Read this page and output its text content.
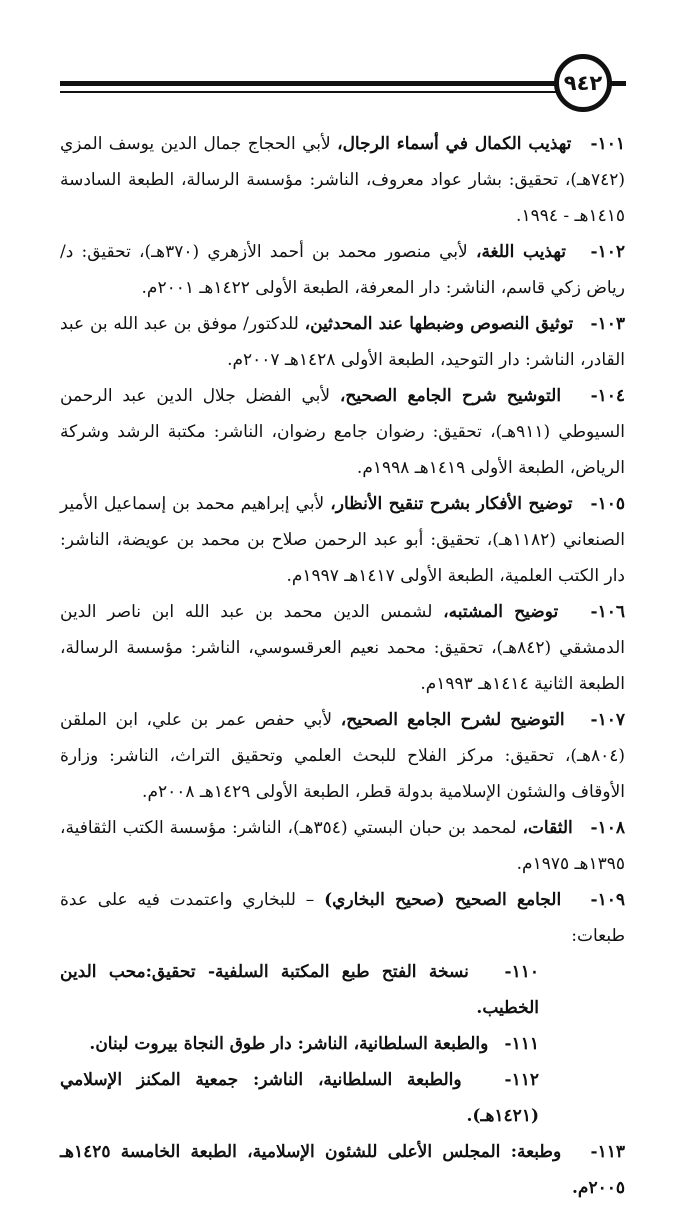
٩٤٢

١٠١-   تهذيب الكمال في أسماء الرجال، لأبي الحجاج جمال الدين يوسف المزي (٧٤٢هـ)، تحقيق: بشار عواد معروف، الناشر: مؤسسة الرسالة، الطبعة السادسة ١٤١٥هـ - ١٩٩٤.

١٠٢-   تهذيب اللغة، لأبي منصور محمد بن أحمد الأزهري (٣٧٠هـ)، تحقيق: د/رياض زكي قاسم، الناشر: دار المعرفة، الطبعة الأولى ١٤٢٢هـ ٢٠٠١م.

١٠٣-   توثيق النصوص وضبطها عند المحدثين، للدكتور/ موفق بن عبد الله بن عبد القادر، الناشر: دار التوحيد، الطبعة الأولى ١٤٢٨هـ ٢٠٠٧م.

١٠٤-   التوشيح شرح الجامع الصحيح، لأبي الفضل جلال الدين عبد الرحمن السيوطي (٩١١هـ)، تحقيق: رضوان جامع رضوان، الناشر: مكتبة الرشد وشركة الرياض، الطبعة الأولى ١٤١٩هـ ١٩٩٨م.

١٠٥-   توضيح الأفكار بشرح تنقيح الأنظار، لأبي إبراهيم محمد بن إسماعيل الأمير الصنعاني (١١٨٢هـ)، تحقيق: أبو عبد الرحمن صلاح بن محمد بن عويضة، الناشر: دار الكتب العلمية، الطبعة الأولى ١٤١٧هـ ١٩٩٧م.

١٠٦-   توضيح المشتبه، لشمس الدين محمد بن عبد الله ابن ناصر الدين الدمشقي (٨٤٢هـ)، تحقيق: محمد نعيم العرقسوسي، الناشر: مؤسسة الرسالة، الطبعة الثانية ١٤١٤هـ ١٩٩٣م.

١٠٧-   التوضيح لشرح الجامع الصحيح، لأبي حفص عمر بن علي، ابن الملقن (٨٠٤هـ)، تحقيق: مركز الفلاح للبحث العلمي وتحقيق التراث، الناشر: وزارة الأوقاف والشئون الإسلامية بدولة قطر، الطبعة الأولى ١٤٢٩هـ ٢٠٠٨م.

١٠٨-   الثقات، لمحمد بن حبان البستي (٣٥٤هـ)، الناشر: مؤسسة الكتب الثقافية، ١٣٩٥هـ ١٩٧٥م.

١٠٩-   الجامع الصحيح (صحيح البخاري) – للبخاري واعتمدت فيه على عدة طبعات:

١١٠-   نسخة الفتح طبع المكتبة السلفية- تحقيق:محب الدين الخطيب.

١١١-   والطبعة السلطانية، الناشر: دار طوق النجاة بيروت لبنان.

١١٢-   والطبعة السلطانية، الناشر: جمعية المكنز الإسلامي (١٤٢١هـ).

١١٣-   وطبعة: المجلس الأعلى للشئون الإسلامية، الطبعة الخامسة ١٤٢٥هـ ٢٠٠٥م.
